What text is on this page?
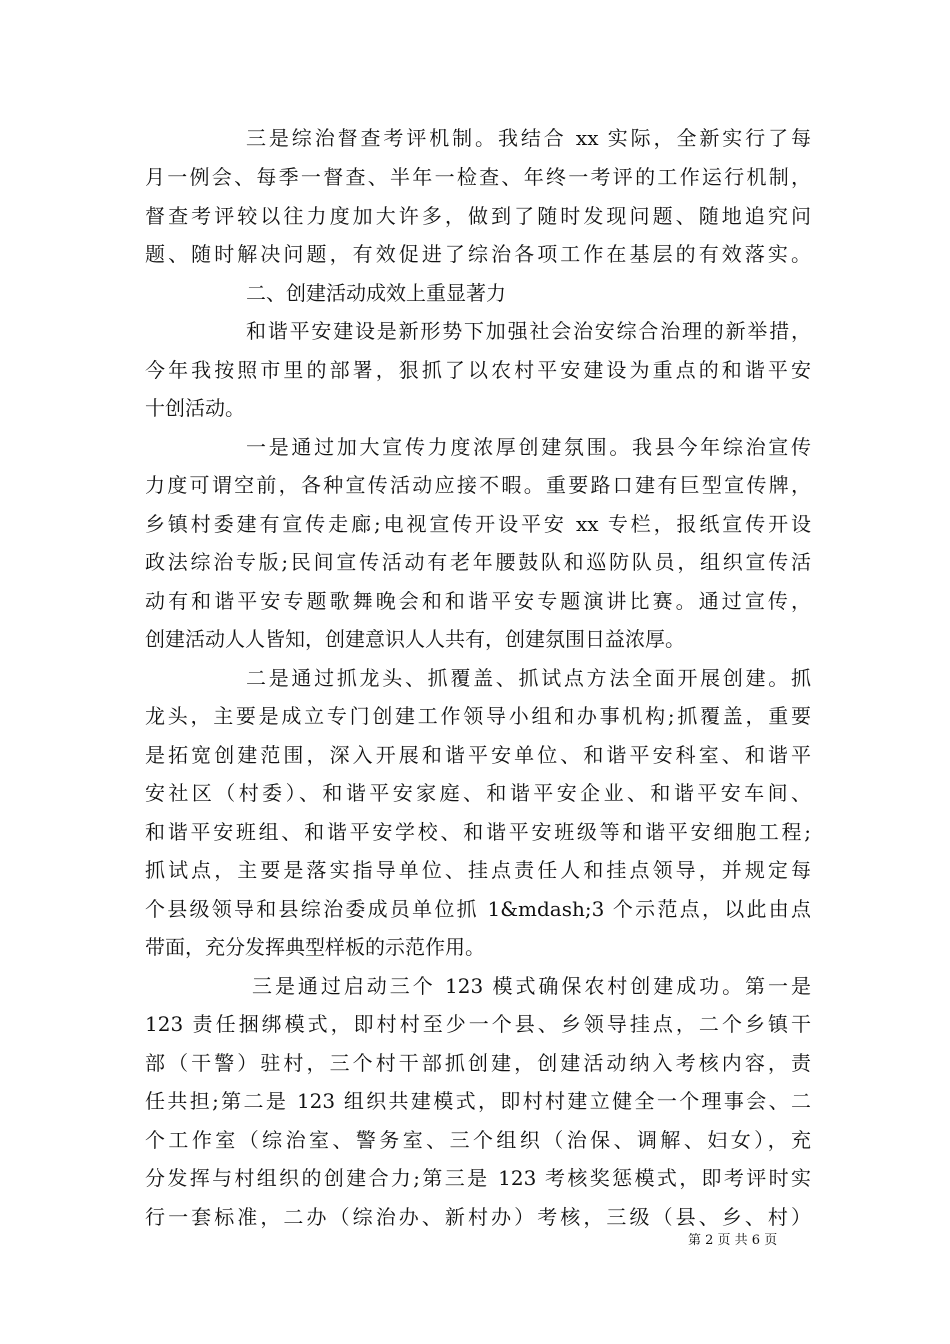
三是综治督查考评机制。我结合 xx 实际，全新实行了每
月一例会、每季一督查、半年一检查、年终一考评的工作运行机制，
督查考评较以往力度加大许多，做到了随时发现问题、随地追究问
题、随时解决问题，有效促进了综治各项工作在基层的有效落实。
二、创建活动成效上重显著力
和谐平安建设是新形势下加强社会治安综合治理的新举措，
今年我按照市里的部署，狠抓了以农村平安建设为重点的和谐平安
十创活动。
一是通过加大宣传力度浓厚创建氛围。我县今年综治宣传
力度可谓空前，各种宣传活动应接不暇。重要路口建有巨型宣传牌，
乡镇村委建有宣传走廊;电视宣传开设平安 xx 专栏，报纸宣传开设
政法综治专版;民间宣传活动有老年腰鼓队和巡防队员，组织宣传活
动有和谐平安专题歌舞晚会和和谐平安专题演讲比赛。通过宣传，
创建活动人人皆知，创建意识人人共有，创建氛围日益浓厚。
二是通过抓龙头、抓覆盖、抓试点方法全面开展创建。抓
龙头，主要是成立专门创建工作领导小组和办事机构;抓覆盖，重要
是拓宽创建范围，深入开展和谐平安单位、和谐平安科室、和谐平
安社区（村委）、和谐平安家庭、和谐平安企业、和谐平安车间、
和谐平安班组、和谐平安学校、和谐平安班级等和谐平安细胞工程;
抓试点，主要是落实指导单位、挂点责任人和挂点领导，并规定每
个县级领导和县综治委成员单位抓 1&mdash;3 个示范点，以此由点
带面，充分发挥典型样板的示范作用。
三是通过启动三个 123 模式确保农村创建成功。第一是
123 责任捆绑模式，即村村至少一个县、乡领导挂点，二个乡镇干
部（干警）驻村，三个村干部抓创建，创建活动纳入考核内容，责
任共担;第二是 123 组织共建模式，即村村建立健全一个理事会、二
个工作室（综治室、警务室、三个组织（治保、调解、妇女），充
分发挥与村组织的创建合力;第三是 123 考核奖惩模式，即考评时实
行一套标准，二办（综治办、新村办）考核，三级（县、乡、村）
第 2 页 共 6 页
